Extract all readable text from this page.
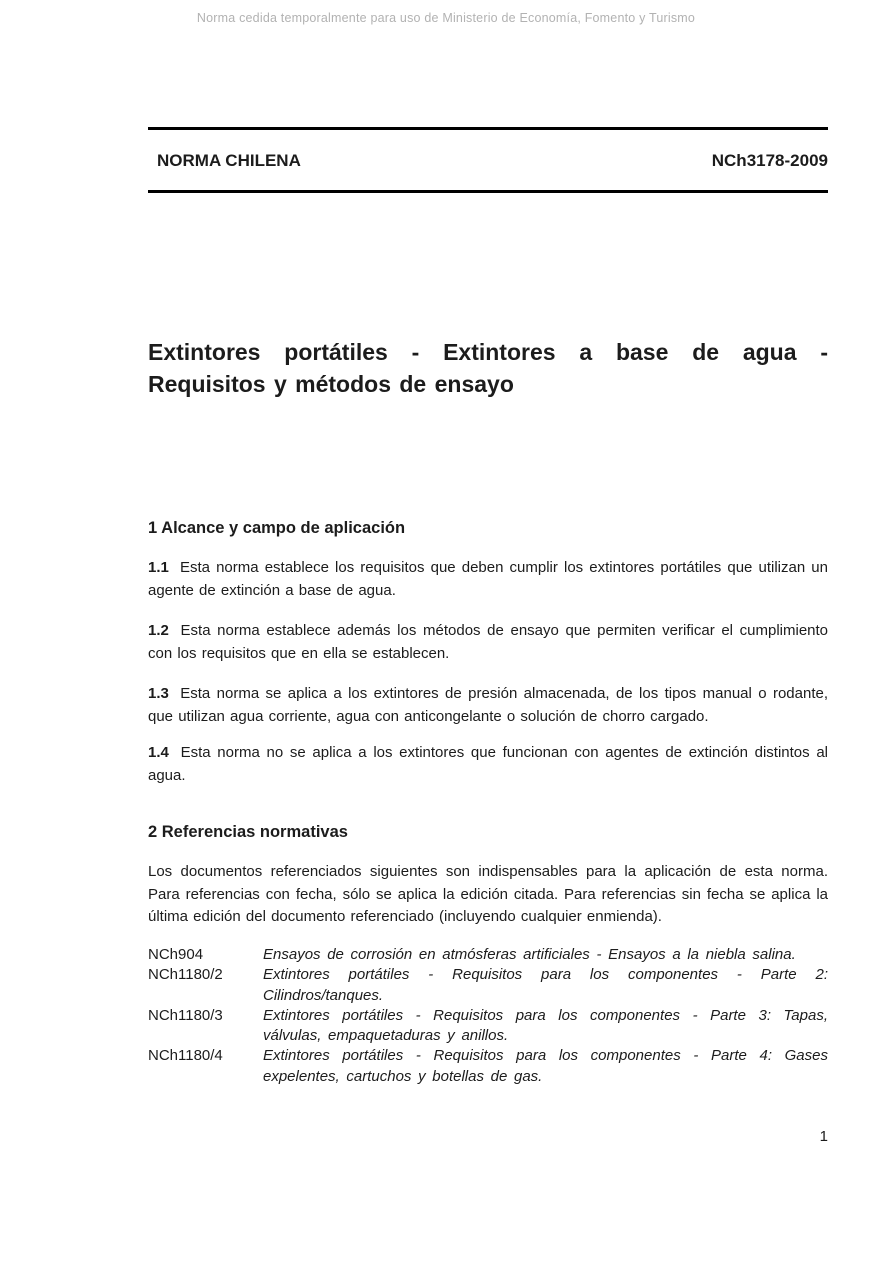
Norma cedida temporalmente para uso de Ministerio de Economía, Fomento y Turismo
NORMA CHILENA	NCh3178-2009
Extintores portátiles - Extintores a base de agua -
Requisitos y métodos de ensayo
1 Alcance y campo de aplicación

1.1 Esta norma establece los requisitos que deben cumplir los extintores portátiles que utilizan un agente de extinción a base de agua.

1.2 Esta norma establece además los métodos de ensayo que permiten verificar el cumplimiento con los requisitos que en ella se establecen.

1.3 Esta norma se aplica a los extintores de presión almacenada, de los tipos manual o rodante, que utilizan agua corriente, agua con anticongelante o solución de chorro cargado.

1.4 Esta norma no se aplica a los extintores que funcionan con agentes de extinción distintos al agua.

2 Referencias normativas

Los documentos referenciados siguientes son indispensables para la aplicación de esta norma. Para referencias con fecha, sólo se aplica la edición citada. Para referencias sin fecha se aplica la última edición del documento referenciado (incluyendo cualquier enmienda).

NCh904	Ensayos de corrosión en atmósferas artificiales - Ensayos a la niebla salina.
NCh1180/2	Extintores portátiles - Requisitos para los componentes - Parte 2: Cilindros/tanques.
NCh1180/3	Extintores portátiles - Requisitos para los componentes - Parte 3: Tapas, válvulas, empaquetaduras y anillos.
NCh1180/4	Extintores portátiles - Requisitos para los componentes - Parte 4: Gases expelentes, cartuchos y botellas de gas.
1
